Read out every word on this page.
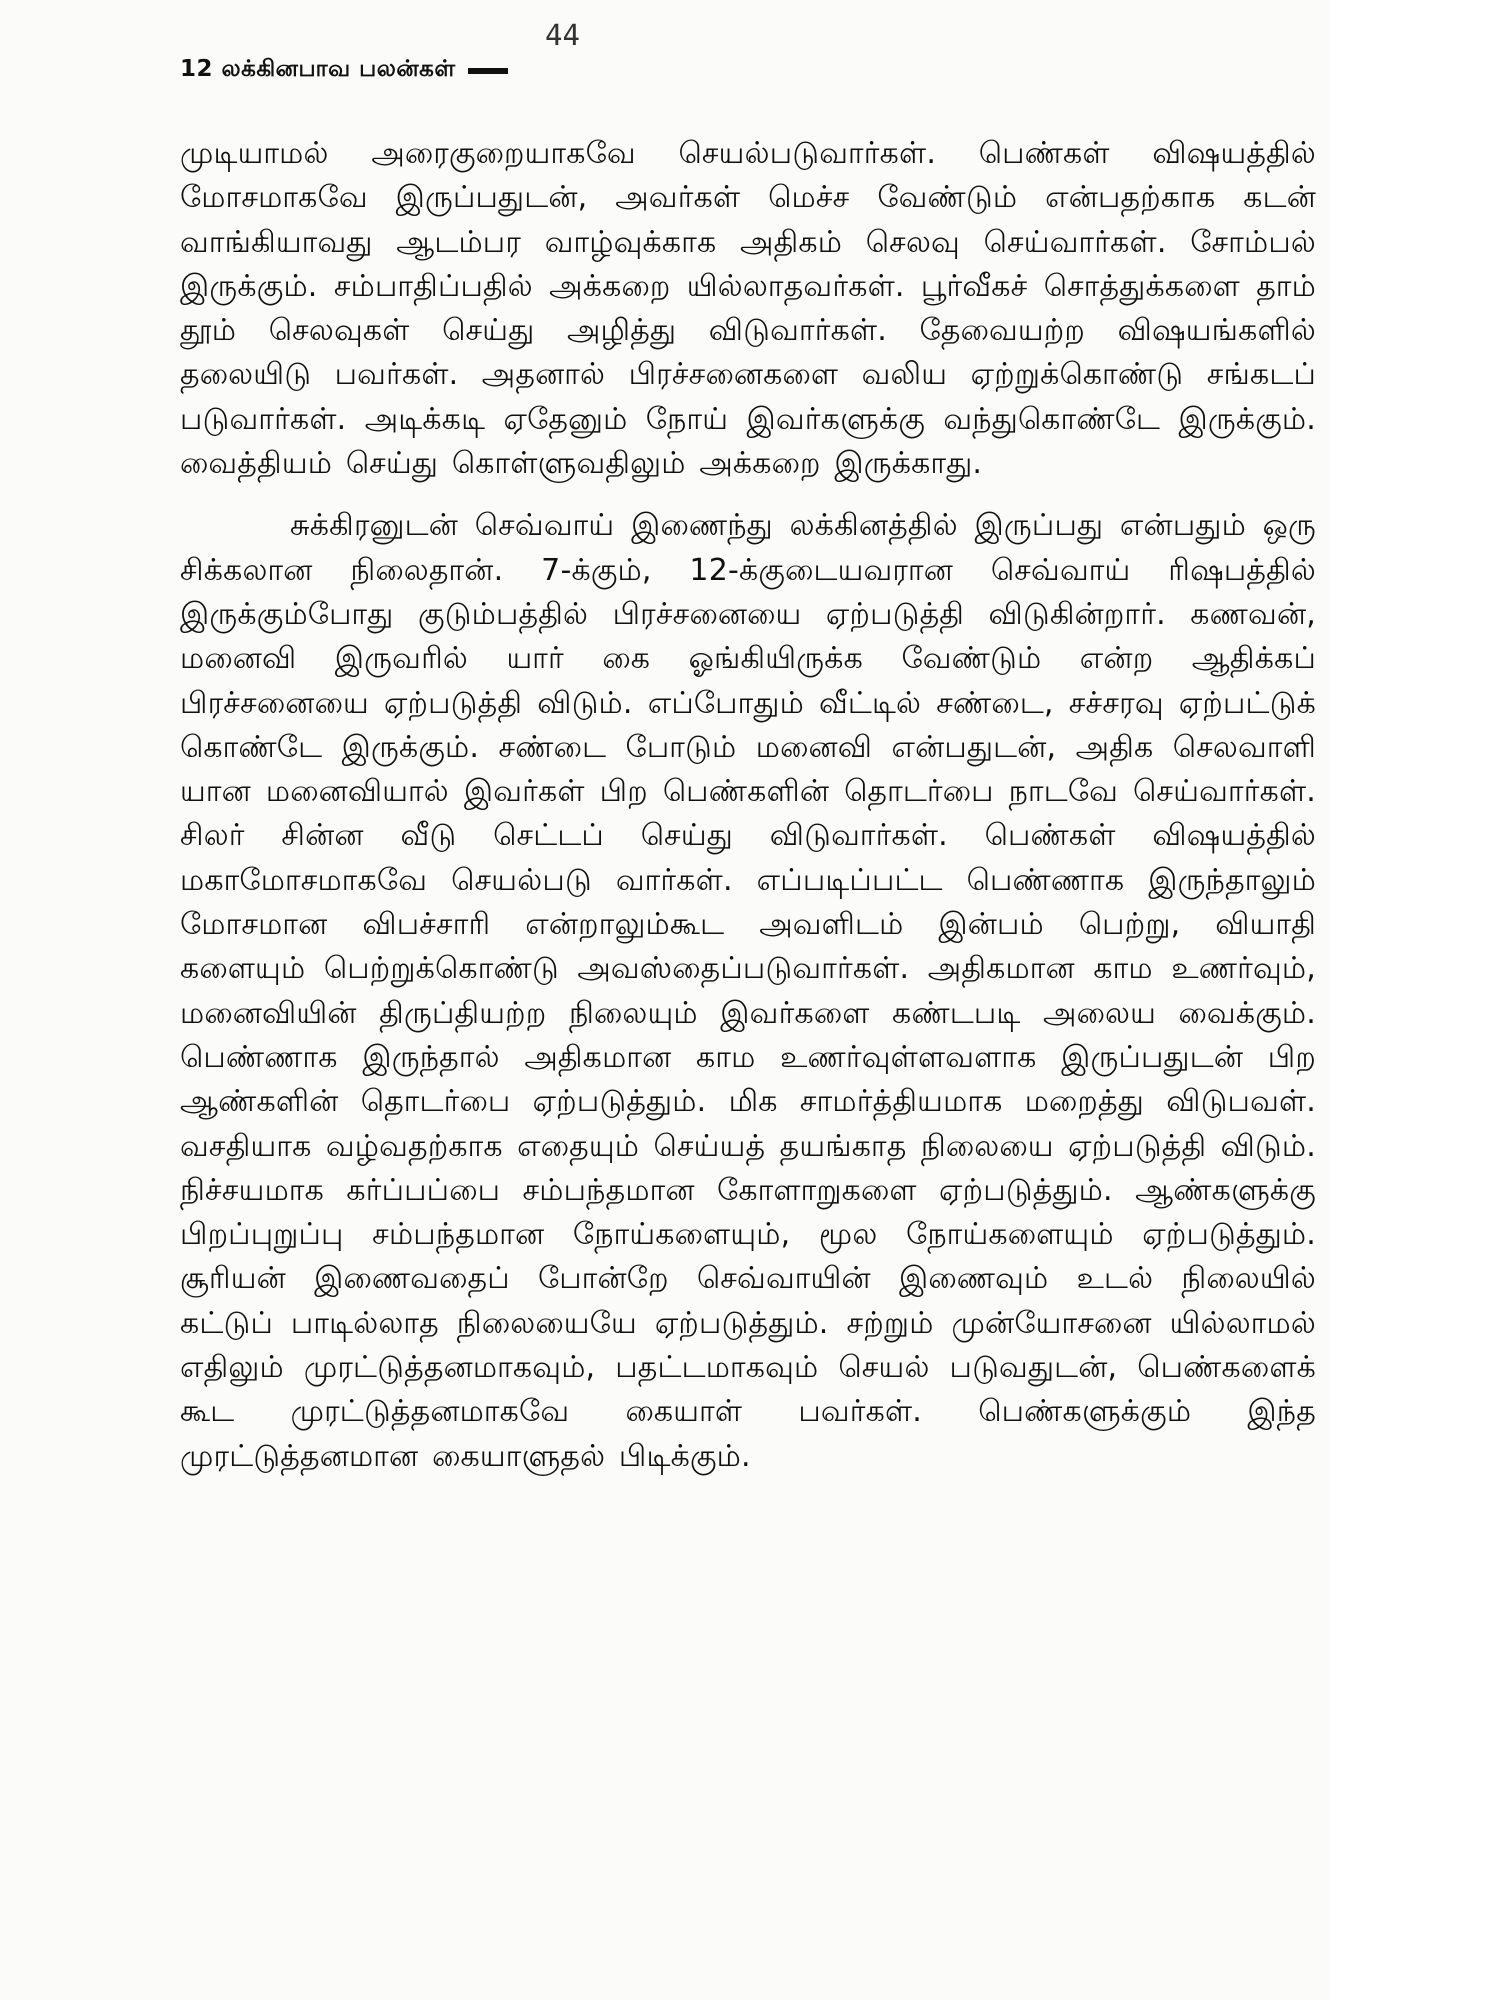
44
12 லக்கினபாவ பலன்கள்

முடியாமல் அரைகுறையாகவே செயல்படுவார்கள். பெண்கள் விஷயத்தில் மோசமாகவே இருப்பதுடன், அவர்கள் மெச்ச வேண்டும் என்பதற்காக கடன் வாங்கியாவது ஆடம்பர வாழ்வுக்காக அதிகம் செலவு செய்வார்கள். சோம்பல் இருக்கும். சம்பாதிப்பதில் அக்கறை யில்லாதவர்கள். பூர்வீகச் சொத்துக்களை தாம் தூம் செலவுகள் செய்து அழித்து விடுவார்கள். தேவையற்ற விஷயங்களில் தலையிடு பவர்கள். அதனால் பிரச்சனைகளை வலிய ஏற்றுக்கொண்டு சங்கடப் படுவார்கள். அடிக்கடி ஏதேனும் நோய் இவர்களுக்கு வந்துகொண்டே இருக்கும். வைத்தியம் செய்து கொள்ளுவதிலும் அக்கறை இருக்காது.

சுக்கிரனுடன் செவ்வாய் இணைந்து லக்கினத்தில் இருப்பது என்பதும் ஒரு சிக்கலான நிலைதான். 7-க்கும், 12-க்குடையவரான செவ்வாய் ரிஷபத்தில் இருக்கும்போது குடும்பத்தில் பிரச்சனையை ஏற்படுத்தி விடுகின்றார். கணவன், மனைவி இருவரில் யார் கை ஓங்கியிருக்க வேண்டும் என்ற ஆதிக்கப் பிரச்சனையை ஏற்படுத்தி விடும். எப்போதும் வீட்டில் சண்டை, சச்சரவு ஏற்பட்டுக் கொண்டே இருக்கும். சண்டை போடும் மனைவி என்பதுடன், அதிக செலவாளி யான மனைவியால் இவர்கள் பிற பெண்களின் தொடர்பை நாடவே செய்வார்கள். சிலர் சின்ன வீடு செட்டப் செய்து விடுவார்கள். பெண்கள் விஷயத்தில் மகாமோசமாகவே செயல்படு வார்கள். எப்படிப்பட்ட பெண்ணாக இருந்தாலும் மோசமான விபச்சாரி என்றாலும்கூட அவளிடம் இன்பம் பெற்று, வியாதி களையும் பெற்றுக்கொண்டு அவஸ்தைப்படுவார்கள். அதிகமான காம உணர்வும், மனைவியின் திருப்தியற்ற நிலையும் இவர்களை கண்டபடி அலைய வைக்கும். பெண்ணாக இருந்தால் அதிகமான காம உணர்வுள்ளவளாக இருப்பதுடன் பிற ஆண்களின் தொடர்பை ஏற்படுத்தும். மிக சாமர்த்தியமாக மறைத்து விடுபவள். வசதியாக வழ்வதற்காக எதையும் செய்யத் தயங்காத நிலையை ஏற்படுத்தி விடும். நிச்சயமாக கர்ப்பப்பை சம்பந்தமான கோளாறுகளை ஏற்படுத்தும். ஆண்களுக்கு பிறப்புறுப்பு சம்பந்தமான நோய்களையும், மூல நோய்களையும் ஏற்படுத்தும். சூரியன் இணைவதைப் போன்றே செவ்வாயின் இணைவும் உடல் நிலையில் கட்டுப் பாடில்லாத நிலையையே ஏற்படுத்தும். சற்றும் முன்யோசனை யில்லாமல் எதிலும் முரட்டுத்தனமாகவும், பதட்டமாகவும் செயல் படுவதுடன், பெண்களைக் கூட முரட்டுத்தனமாகவே கையாள் பவர்கள். பெண்களுக்கும் இந்த முரட்டுத்தனமான கையாளுதல் பிடிக்கும்.
